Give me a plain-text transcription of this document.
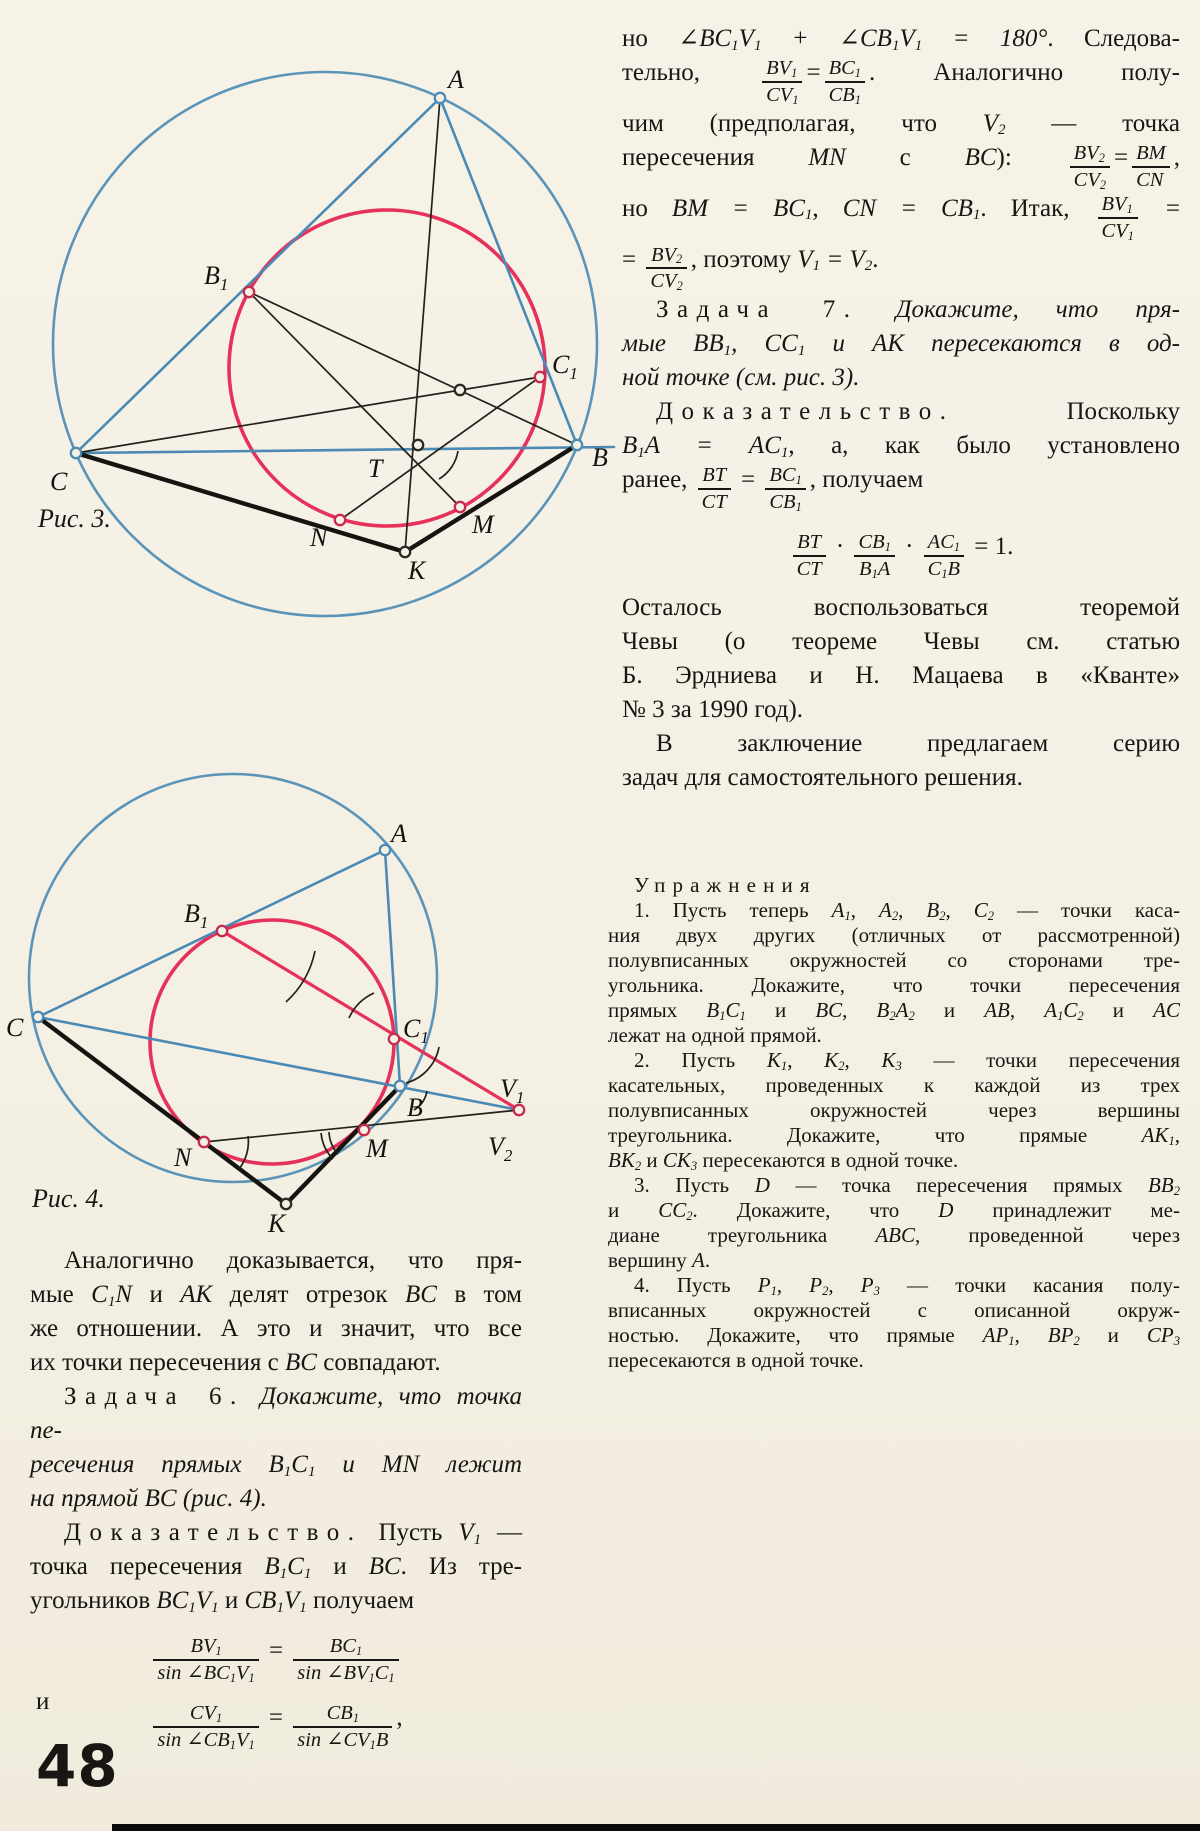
A
B
C
$B_1$
$C_1$
T
M
N
K
A
B
C
$B_1$
$C_1$
N	M
K
$V_1$
$V_2$
Рис. 3.
Рис. 4.
но $\angle BC_1V_1$ + $\angle CB_1V_1 = 180^\circ$. Следова-
тельно, $\frac{BV_1}{CV_1} = \frac{BC_1}{CB_1}$ . Аналогично полу-
чим (предполагая, что $V_2$ — точка
пересечения MN с BC): $\frac{BV_2}{CV_2} = \frac{BM}{CN}$ ,
но BM = $BC_1$, CN = $CB_1$. Итак, $\frac{BV_1}{CV_1}$ =
= $\frac{BV_2}{CV_2}$ , поэтому $V_1 = V_2$.
Задача 7. Докажите, что пря-
мые $BB_1$, $CC_1$ и AK пересекаются в од-
ной точке (см. рис. 3).
Доказательство.	Поскольку
$B_1A = AC_1$, а, как было установлено
ранее, $\frac{BT}{CT} = \frac{BC_1}{CB_1}$ , получаем
$\frac{BT}{CT} \cdot \frac{CB_1}{B_1A} \cdot \frac{AC_1}{C_1B} = 1$.
Осталось воспользоваться теоремой
Чевы (о теореме Чевы см. статью
Б. Эрдниева и Н. Мацаева в «Кванте»
№ 3 за 1990 год).
В заключение предлагаем серию
задач для самостоятельного решения.
Упражнения
1. Пусть теперь $A_1$, $A_2$, $B_2$, $C_2$ — точки каса-
ния двух других (отличных от рассмотренной)
полувписанных окружностей со сторонами тре-
угольника. Докажите, что точки пересечения
прямых $B_1C_1$ и BC, $B_2A_2$ и AB, $A_1C_2$ и AC
лежат на одной прямой.
2. Пусть $K_1$, $K_2$, $K_3$ — точки пересечения
касательных, проведенных к каждой из трех
полувписанных окружностей через вершины
треугольника. Докажите, что прямые $AK_1$,
$BK_2$ и $CK_3$ пересекаются в одной точке.
3. Пусть D — точка пересечения прямых $BB_2$
и $CC_2$. Докажите, что D принадлежит ме-
диане треугольника ABC, проведенной через
вершину A.
4. Пусть $P_1$, $P_2$, $P_3$ — точки касания полу-
вписанных окружностей с описанной окруж-
ностью. Докажите, что прямые $AP_1$, $BP_2$ и $CP_3$
пересекаются в одной точке.
Аналогично доказывается, что пря-
мые $C_1N$ и AK делят отрезок BC в том
же отношении. А это и значит, что все
их точки пересечения с BC совпадают.
Задача 6. Докажите, что точка пе-
ресечения прямых $B_1C_1$ и MN лежит
на прямой BC (рис. 4).
Доказательство. Пусть $V_1$ —
точка пересечения $B_1C_1$ и BC. Из тре-
угольников $BC_1V_1$ и $CB_1V_1$ получаем
$\frac{BV_1}{\sin \angle BC_1V_1} = \frac{BC_1}{\sin \angle BV_1C_1}$
$\frac{CV_1}{\sin \angle CB_1V_1} = \frac{CB_1}{\sin \angle CV_1B}$ ,
и
48
